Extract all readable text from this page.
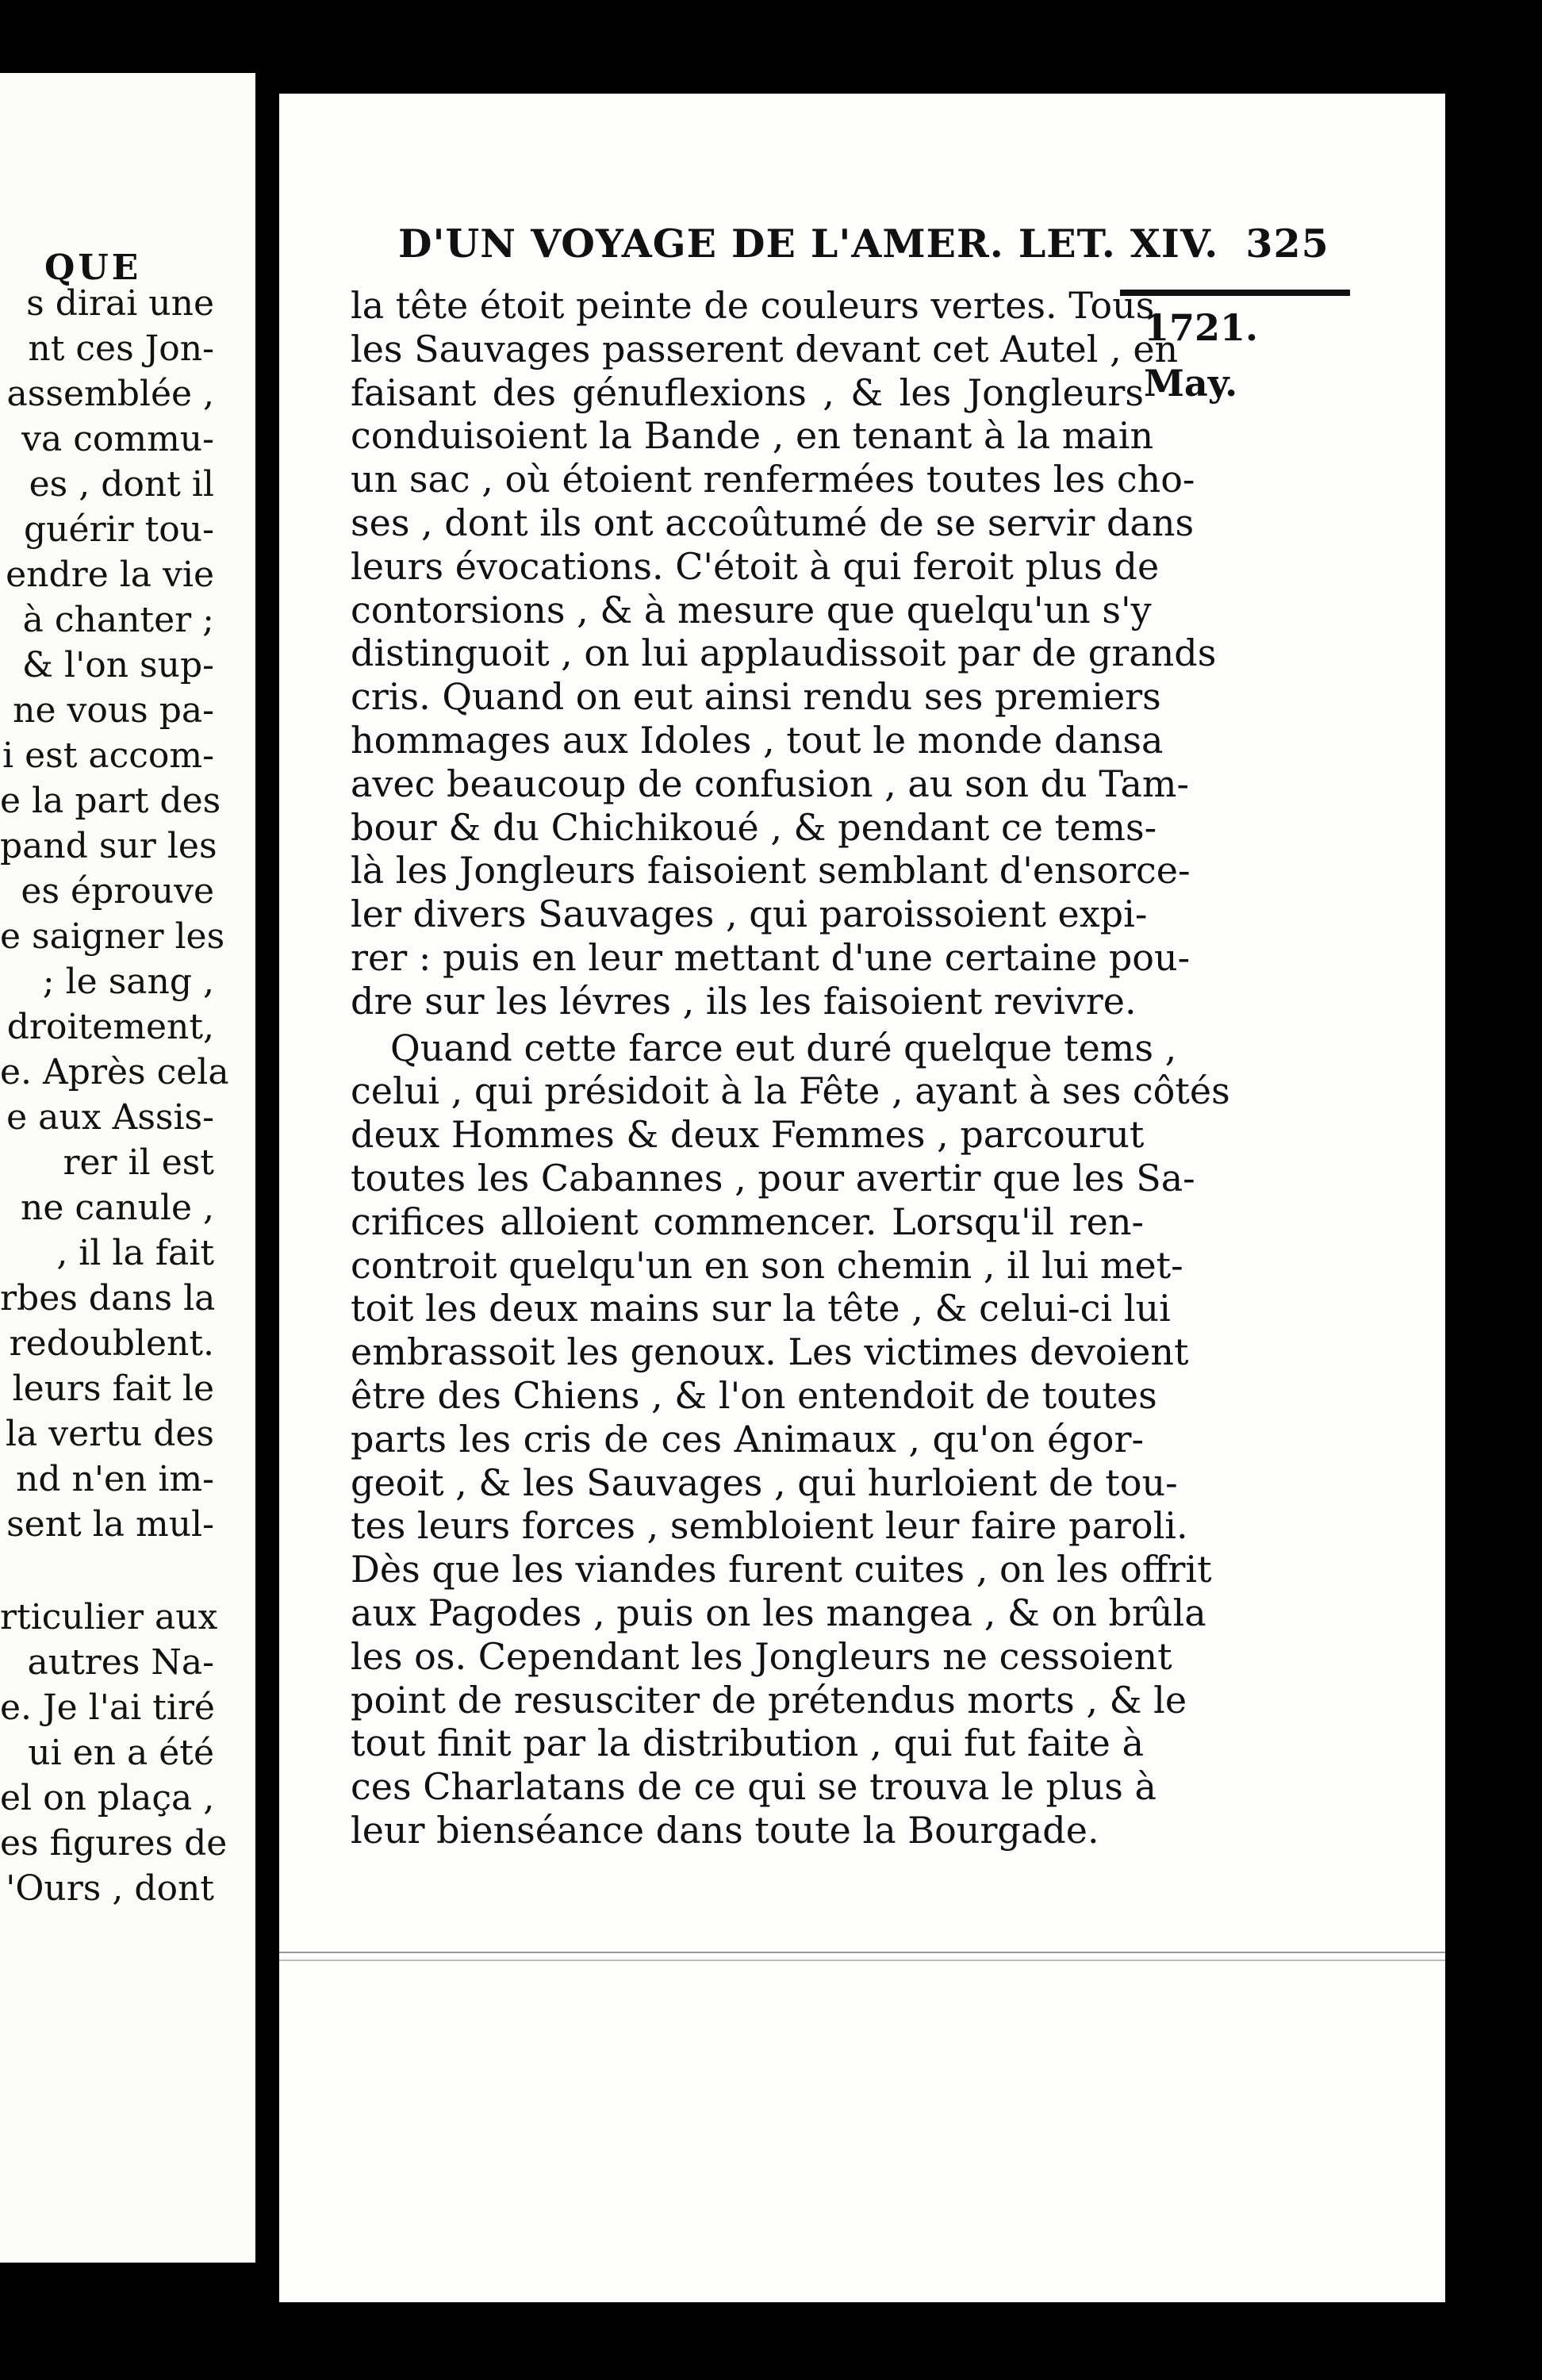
QUE
s dirai une
nt ces Jon-
assemblée ,
va commu-
es , dont il
guérir tou-
endre la vie
à chanter ;
& l'on sup-
ne vous pa-
i est accom-
e la part des
pand sur les
es éprouve
e saigner les
; le sang ,
droitement,
e. Après cela
e aux Assis-
rer il est
ne canule ,
, il la fait
rbes dans la
redoublent.
leurs fait le
la vertu des
nd n'en im-
sent la mul-
rticulier aux
autres Na-
e. Je l'ai tiré
ui en a été
el on plaça ,
es figures de
'Ours , dont
D'UN VOYAGE DE L'AMER. LET. XIV. 325
1721.
May.
la tête étoit peinte de couleurs vertes. Tous
les Sauvages passerent devant cet Autel , en
faisant des génuflexions , & les Jongleurs
conduisoient la Bande , en tenant à la main
un sac , où étoient renfermées toutes les cho-
ses , dont ils ont accoûtumé de se servir dans
leurs évocations. C'étoit à qui feroit plus de
contorsions , & à mesure que quelqu'un s'y
distinguoit , on lui applaudissoit par de grands
cris. Quand on eut ainsi rendu ses premiers
hommages aux Idoles , tout le monde dansa
avec beaucoup de confusion , au son du Tam-
bour & du Chichikoué , & pendant ce tems-
là les Jongleurs faisoient semblant d'ensorce-
ler divers Sauvages , qui paroissoient expi-
rer : puis en leur mettant d'une certaine pou-
dre sur les lévres , ils les faisoient revivre.
Quand cette farce eut duré quelque tems ,
celui , qui présidoit à la Fête , ayant à ses côtés
deux Hommes & deux Femmes , parcourut
toutes les Cabannes , pour avertir que les Sa-
crifices alloient commencer. Lorsqu'il ren-
controit quelqu'un en son chemin , il lui met-
toit les deux mains sur la tête , & celui-ci lui
embrassoit les genoux. Les victimes devoient
être des Chiens , & l'on entendoit de toutes
parts les cris de ces Animaux , qu'on égor-
geoit , & les Sauvages , qui hurloient de tou-
tes leurs forces , sembloient leur faire paroli.
Dès que les viandes furent cuites , on les offrit
aux Pagodes , puis on les mangea , & on brûla
les os. Cependant les Jongleurs ne cessoient
point de resusciter de prétendus morts , & le
tout finit par la distribution , qui fut faite à
ces Charlatans de ce qui se trouva le plus à
leur bienséance dans toute la Bourgade.
